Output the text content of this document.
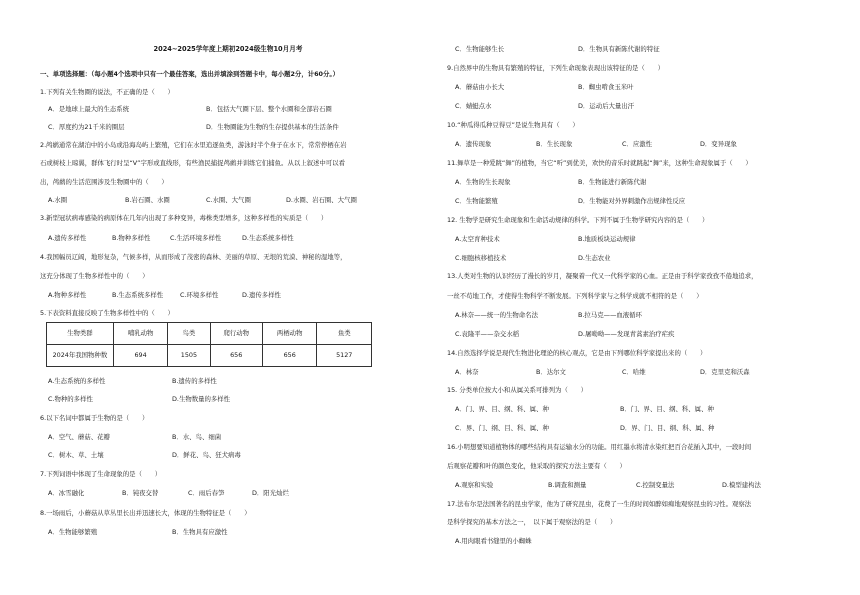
2024~2025学年度上期初2024级生物10月月考
一、单项选择题：（每小题4个选项中只有一个最佳答案，选出并填涂到答题卡中，每小题2分，计60分。）
1.下列有关生物圈的说法，不正确的是（　　）
A．是地球上最大的生态系统	B．包括大气圈下层、整个水圈和全部岩石圈
C．厚度约为21千米的圈层	D．生物圈能为生物的生存提供基本的生活条件
2.鸬鹚通常在湖泊中的小岛或沿海岛屿上繁殖，它们在水里追逐鱼类，游泳时半个身子在水下，常常停栖在岩
石或树枝上晾翼，群体飞行时呈“V”字形或直线形，有些渔民捕捉鸬鹚并训练它们捕鱼。从以上叙述中可以看
出，鸬鹚的生活范围涉及生物圈中的（　　）
A.水圈	B.岩石圈、水圈	C.水圈、大气圈	D.水圈、岩石圈、大气圈
3.新型冠状病毒感染的病原体在几年内出现了多种变异，毒株类型增多，这种多样性的实质是（　　）
A.遗传多样性	B.物种多样性	C.生活环境多样性	D.生态系统多样性
4.我国幅员辽阔，地形复杂，气候多样，从而形成了茂密的森林、美丽的草原、无垠的荒漠、神秘的湿地等，
这充分体现了生物多样性中的（　　）
A.物种多样性	B.生态系统多样性	C.环境多样性	D.遗传多样性
5.下表资料直接反映了生物多样性中的（　　）
生物类群	哺乳动物	鸟类	爬行动物	两栖动物	鱼类
2024年我国物种数	694	1505	656	656	5127
A.生态系统的多样性	B.遗传的多样性
C.物种的多样性	D.生物数量的多样性
6.以下名词中都属于生物的是（　　）
A．空气、蘑菇、花瓣	B．水、鸟、细菌
C．树木、草、土壤	D．鲜花、鸟、狂犬病毒
7.下列词语中体现了生命现象的是（　　）
A．冰雪融化	B．钝夜交替	C．雨后春笋	D．阳光灿烂
8.一场雨后，小蘑菇从草丛里长出并迅速长大，体现的生物特征是（　　）
A．生物能够繁殖	B．生物具有应激性
C．生物能够生长	D．生物具有新陈代谢的特征
9.自然界中的生物具有繁殖的特征，下列生命现象表现出该特征的是（　　）
A．蘑菇由小长大	B．蜘虫啃食玉米叶
C．蜻蜓点水	D．运动后大量出汗
10.“种瓜得瓜种豆得豆”是说生物具有（　　）
A．遗传现象	B．生长现象	C．应激性	D．变异现象
11.舞草是一种爱跳“舞”的植物，当它“听”到优美，欢快的音乐时就跳起“舞”来，这种生命现象属于（　　）
A．生物的生长现象	B．生物能进行新陈代谢
C．生物能繁殖	D．生物能对外界刺激作出规律性反应
12. 生物学是研究生命现象和生命活动规律的科学。下列不属于生物学研究内容的是（　　）
A.太空育种技术	B.地质板块运动规律
C.细胞核移植技术	D.生态农业
13.人类对生物的认识经历了漫长的岁月，凝聚着一代又一代科学家的心血。正是由于科学家孜孜不倦地追求，
一丝不苟地工作，才使得生物科学不断发展。下列科学家与之科学成就不相符的是（　　）
A.林奈——统一的生物命名法	B.拉马克——血液循环
C.袁隆平——杂交水稻	D.屠呦呦——发现青蒿素治疗疟疾
14.自然选择学说是现代生物进化理论的核心观点，它是由下列哪位科学家提出来的（　　）
A．林奈	B．达尔文	C．哈维	D．克里克和沃森
15. 分类单位按大小和从属关系可排列为（　　）
A．门、界、目、纲、科、属、种	B．门、界、目、纲、科、属、种
C．界、门、纲、目、科、属、种	D．界、门、目、纲、科、属、种
16.小明想要知道植物体的哪些结构具有运输水分的功能。用红墨水将清水染红把百合花插入其中，一段时间
后观察花瓣和叶的颜色变化，他采取的探究方法主要有（　　）
A.观察和实验	B.调查和测量	C.控制变量法	D.模型建构法
17.法布尔是法国著名的昆虫学家，他为了研究昆虫，花费了一生的时间如醉如痴地观察昆虫的习性。观察法
是科学探究的基本方法之一，　以下属于观察法的是（　　）
A.用肉眼看书缝里的小蜘蛛
